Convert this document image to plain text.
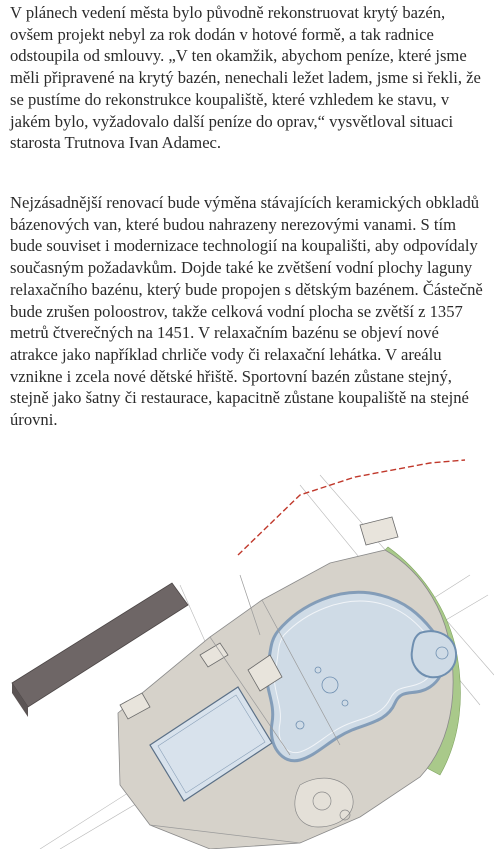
V plánech vedení města bylo původně rekonstruovat krytý bazén, ovšem projekt nebyl za rok dodán v hotové formě, a tak radnice odstoupila od smlouvy. „V ten okamžik, abychom peníze, které jsme měli připravené na krytý bazén, nenechali ležet ladem, jsme si řekli, že se pustíme do rekonstrukce koupaliště, které vzhledem ke stavu, v jakém bylo, vyžadovalo další peníze do oprav,“ vysvětloval situaci starosta Trutnova Ivan Adamec.

Nejzásadnější renovací bude výměna stávajících keramických obkladů bázenových van, které budou nahrazeny nerezovými vanami. S tím bude souviset i modernizace technologií na koupališti, aby odpovídaly současným požadavkům. Dojde také ke zvětšení vodní plochy laguny relaxačního bazénu, který bude propojen s dětským bazénem. Částečně bude zrušen poloostrov, takže celková vodní plocha se zvětší z 1357 metrů čtverečných na 1451. V relaxačním bazénu se objeví nové atrakce jako například chrliče vody či relaxační lehátka. V areálu vznikne i zcela nové dětské hřiště. Sportovní bazén zůstane stejný, stejně jako šatny či restaurace, kapacitně zůstane koupaliště na stejné úrovni.
